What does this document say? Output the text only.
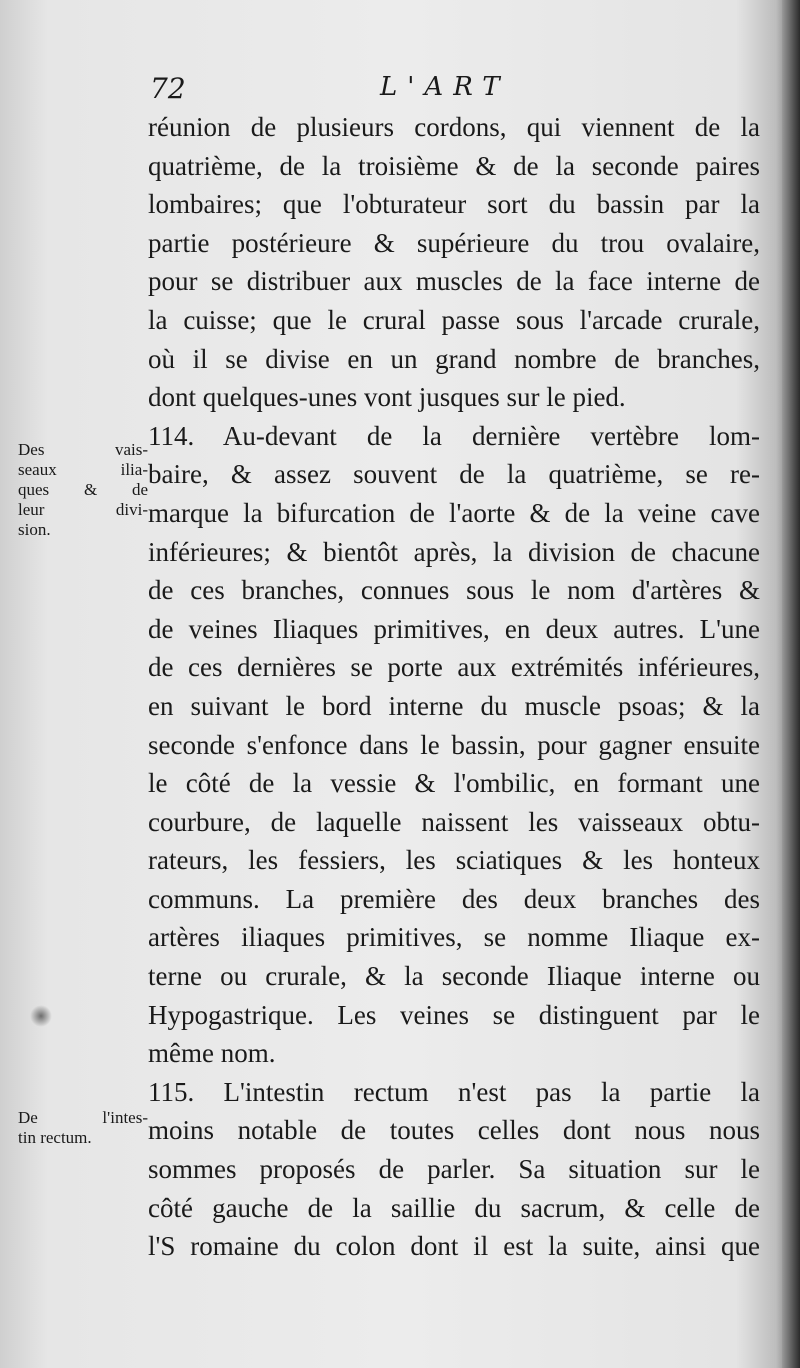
72	L'ART
réunion de plusieurs cordons, qui viennent de la
quatrième, de la troisième & de la seconde paires
lombaires; que l'obturateur sort du bassin par la
partie postérieure & supérieure du trou ovalaire,
pour se distribuer aux muscles de la face interne de
la cuisse; que le crural passe sous l'arcade crurale,
où il se divise en un grand nombre de branches,
dont quelques-unes vont jusques sur le pied.
114. Au-devant de la dernière vertèbre lom-
baire, & assez souvent de la quatrième, se re-
marque la bifurcation de l'aorte & de la veine cave
inférieures; & bientôt après, la division de chacune
de ces branches, connues sous le nom d'artères &
de veines Iliaques primitives, en deux autres. L'une
de ces dernières se porte aux extrémités inférieures,
en suivant le bord interne du muscle psoas; & la
seconde s'enfonce dans le bassin, pour gagner ensuite
le côté de la vessie & l'ombilic, en formant une
courbure, de laquelle naissent les vaisseaux obtu-
rateurs, les fessiers, les sciatiques & les honteux
communs. La première des deux branches des
artères iliaques primitives, se nomme Iliaque ex-
terne ou crurale, & la seconde Iliaque interne ou
Hypogastrique. Les veines se distinguent par le
même nom.
115. L'intestin rectum n'est pas la partie la
moins notable de toutes celles dont nous nous
sommes proposés de parler. Sa situation sur le
côté gauche de la saillie du sacrum, & celle de
l'S romaine du colon dont il est la suite, ainsi que
Des vais-
seaux ilia-
ques & de
leur divi-
sion.
De l'intes-
tin rectum.
